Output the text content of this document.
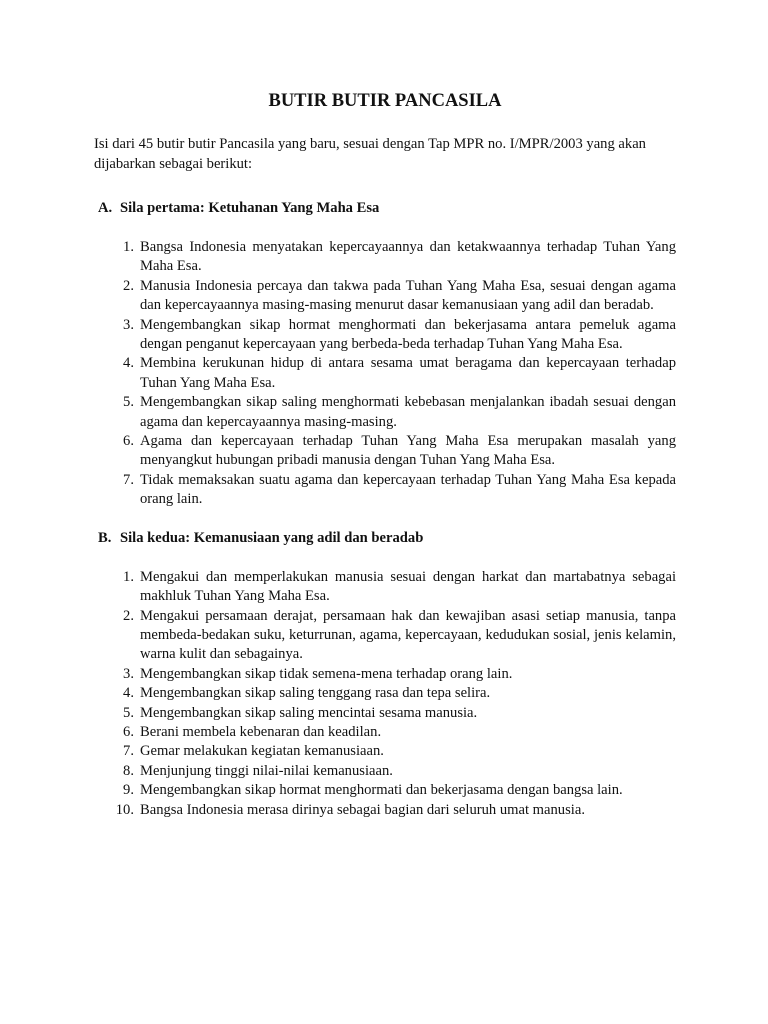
BUTIR BUTIR PANCASILA

Isi dari 45 butir butir Pancasila yang baru, sesuai dengan Tap MPR no. I/MPR/2003 yang akan dijabarkan sebagai berikut:

A. Sila pertama: Ketuhanan Yang Maha Esa
1. Bangsa Indonesia menyatakan kepercayaannya dan ketakwaannya terhadap Tuhan Yang Maha Esa.
2. Manusia Indonesia percaya dan takwa pada Tuhan Yang Maha Esa, sesuai dengan agama dan kepercayaannya masing-masing menurut dasar kemanusiaan yang adil dan beradab.
3. Mengembangkan sikap hormat menghormati dan bekerjasama antara pemeluk agama dengan penganut kepercayaan yang berbeda-beda terhadap Tuhan Yang Maha Esa.
4. Membina kerukunan hidup di antara sesama umat beragama dan kepercayaan terhadap Tuhan Yang Maha Esa.
5. Mengembangkan sikap saling menghormati kebebasan menjalankan ibadah sesuai dengan agama dan kepercayaannya masing-masing.
6. Agama dan kepercayaan terhadap Tuhan Yang Maha Esa merupakan masalah yang menyangkut hubungan pribadi manusia dengan Tuhan Yang Maha Esa.
7. Tidak memaksakan suatu agama dan kepercayaan terhadap Tuhan Yang Maha Esa kepada orang lain.
B. Sila kedua: Kemanusiaan yang adil dan beradab
1. Mengakui dan memperlakukan manusia sesuai dengan harkat dan martabatnya sebagai makhluk Tuhan Yang Maha Esa.
2. Mengakui persamaan derajat, persamaan hak dan kewajiban asasi setiap manusia, tanpa membeda-bedakan suku, keturrunan, agama, kepercayaan, kedudukan sosial, jenis kelamin, warna kulit dan sebagainya.
3. Mengembangkan sikap tidak semena-mena terhadap orang lain.
4. Mengembangkan sikap saling tenggang rasa dan tepa selira.
5. Mengembangkan sikap saling mencintai sesama manusia.
6. Berani membela kebenaran dan keadilan.
7. Gemar melakukan kegiatan kemanusiaan.
8. Menjunjung tinggi nilai-nilai kemanusiaan.
9. Mengembangkan sikap hormat menghormati dan bekerjasama dengan bangsa lain.
10. Bangsa Indonesia merasa dirinya sebagai bagian dari seluruh umat manusia.
